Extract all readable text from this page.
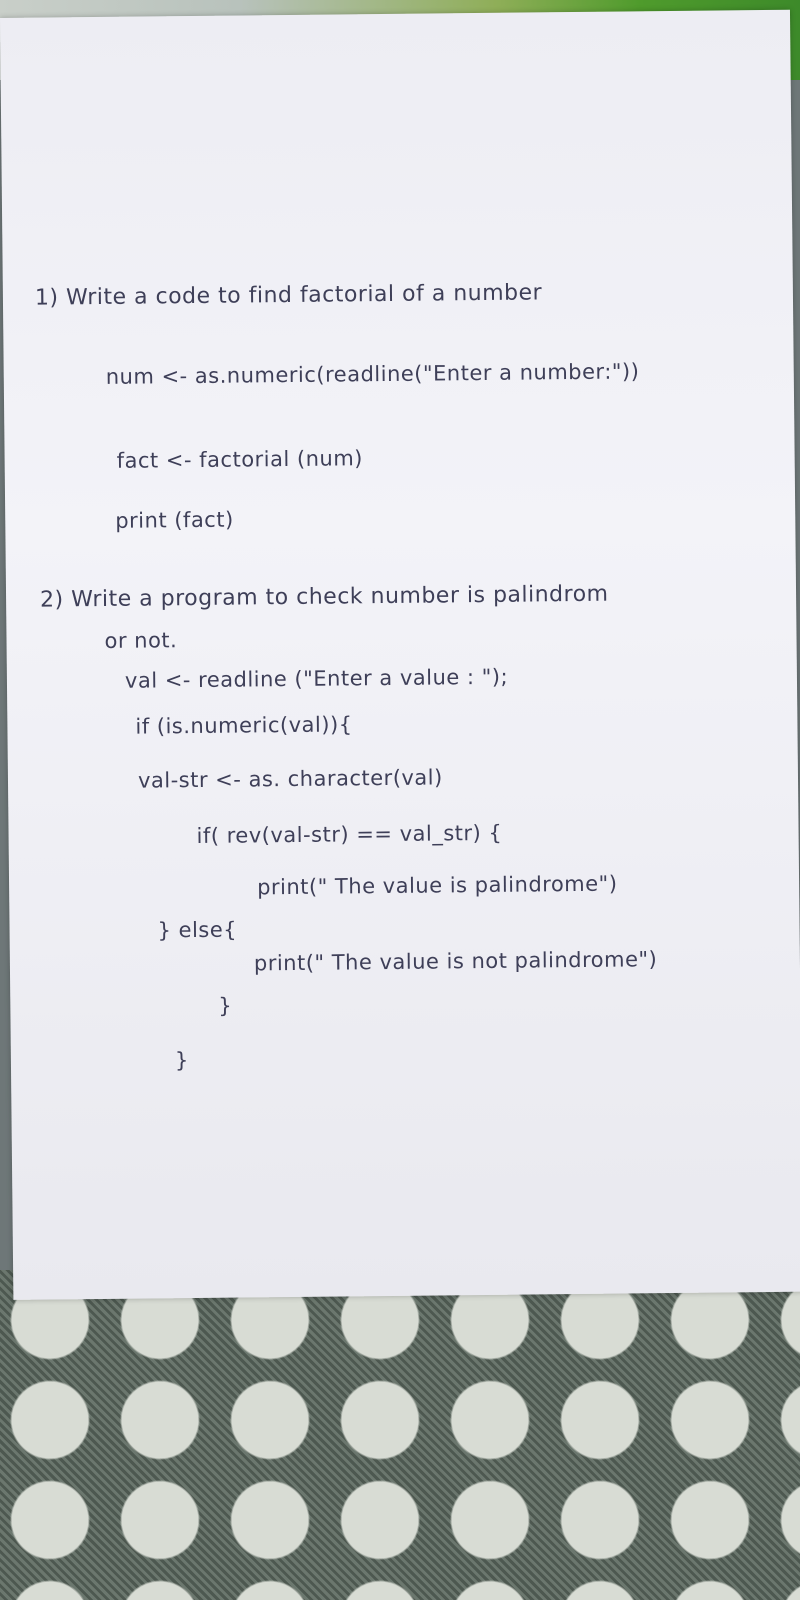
1) Write a code to find factorial of a number
num <- as.numeric(readline("Enter a number:"))
fact <- factorial (num)
print (fact)
2) Write a program to check number is palindrom
or not.
val <- readline ("Enter a value : ");
if (is.numeric(val)){
val-str <- as. character(val)
if( rev(val-str) == val_str) {
print(" The value is palindrome")
} else{
print(" The value is not palindrome")
}
}
